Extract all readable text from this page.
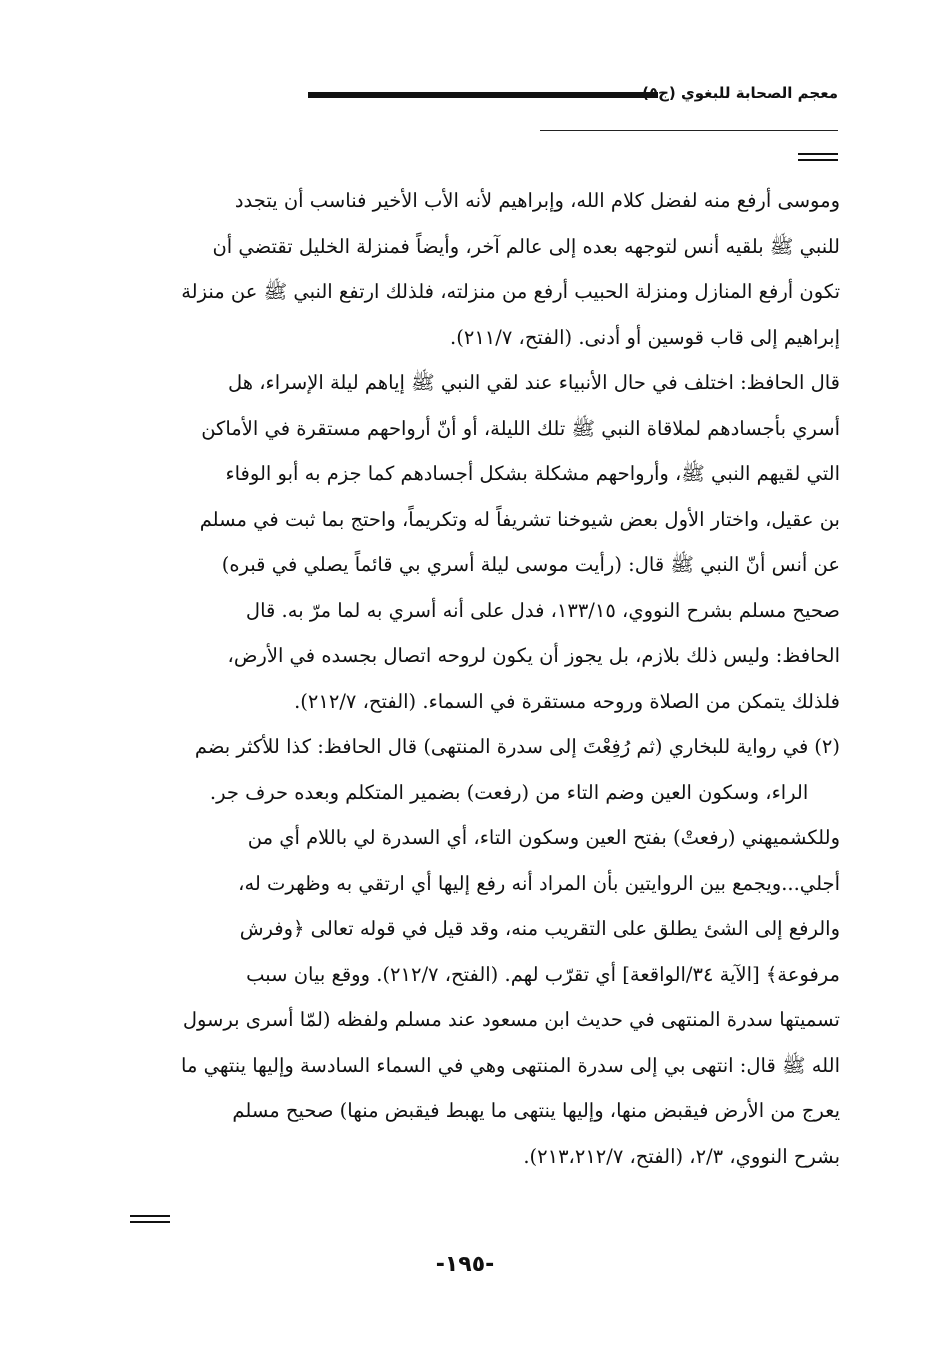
معجم الصحابة للبغوي (ج

وموسى أرفع منه لفضل كلام الله، وإبراهيم لأنه الأب الأخير فناسب أن يتجدد

للنبي ﷺ بلقيه أنس لتوجهه بعده إلى عالم آخر، وأيضاً فمنزلة الخليل تقتضي أن

تكون أرفع المنازل ومنزلة الحبيب أرفع من منزلته، فلذلك ارتفع النبي ﷺ عن منزلة

إبراهيم إلى قاب قوسين أو أدنى. (الفتح، ٢١١/٧).

قال الحافظ: اختلف في حال الأنبياء عند لقي النبي ﷺ إياهم ليلة الإسراء، هل

أسري بأجسادهم لملاقاة النبي ﷺ تلك الليلة، أو أنّ أرواحهم مستقرة في الأماكن

التي لقيهم النبي ﷺ، وأرواحهم مشكلة بشكل أجسادهم كما جزم به أبو الوفاء

بن عقيل، واختار الأول بعض شيوخنا تشريفاً له وتكريماً، واحتج بما ثبت في مسلم

عن أنس أنّ النبي ﷺ قال: (رأيت موسى ليلة أسري بي قائماً يصلي في قبره)

صحيح مسلم بشرح النووي، ١٣٣/١٥، فدل على أنه أسري به لما مرّ به. قال

الحافظ: وليس ذلك بلازم، بل يجوز أن يكون لروحه اتصال بجسده في الأرض،

فلذلك يتمكن من الصلاة وروحه مستقرة في السماء. (الفتح، ٢١٢/٧).

(٢)

في رواية للبخاري (ثم رُفِعْتَ إلى سدرة المنتهى) قال الحافظ: كذا للأكثر بضم

الراء، وسكون العين وضم التاء من (رفعت) بضمير المتكلم وبعده حرف جر.

وللكشميهني (رفعتْ) بفتح العين وسكون التاء، أي السدرة لي باللام أي من

أجلي...ويجمع بين الروايتين بأن المراد أنه رفع إليها أي ارتقي به وظهرت له،

والرفع إلى الشئ يطلق على التقريب منه، وقد قيل في قوله تعالى ﴿وفرش

مرفوعة﴾ [الآية ٣٤/الواقعة] أي تقرّب لهم. (الفتح، ٢١٢/٧). ووقع بيان سبب

تسميتها سدرة المنتهى في حديث ابن مسعود عند مسلم ولفظه (لمّا أسرى برسول

الله ﷺ قال: انتهى بي إلى سدرة المنتهى وهي في السماء السادسة وإليها ينتهي ما

يعرج من الأرض فيقبض منها، وإليها ينتهى ما يهبط فيقبض منها) صحيح مسلم

بشرح النووي، ٢/٣، (الفتح، ٢١٣،٢١٢/٧).

-١٩٥-
